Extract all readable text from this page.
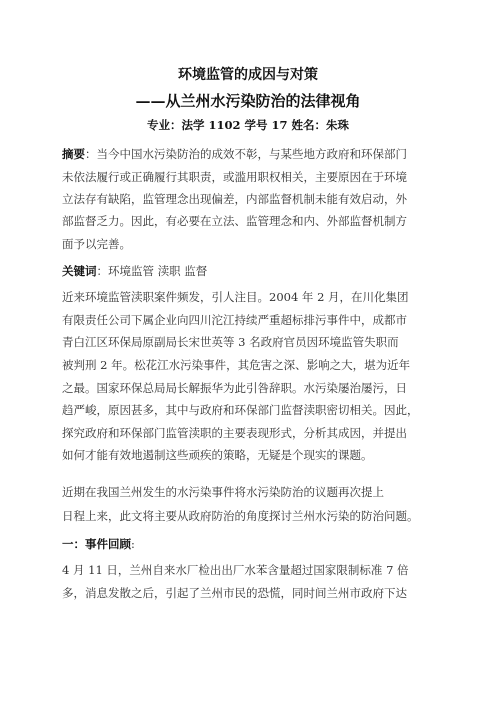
环境监管的成因与对策
——从兰州水污染防治的法律视角
专业：法学 1102 学号 17 姓名：朱珠
摘要：当今中国水污染防治的成效不彰，与某些地方政府和环保部门
未依法履行或正确履行其职责，或滥用职权相关，主要原因在于环境
立法存有缺陷，监管理念出现偏差，内部监督机制未能有效启动，外
部监督乏力。因此，有必要在立法、监管理念和内、外部监督机制方
面予以完善。
关键词：环境监管 渎职 监督
近来环境监管渎职案件频发，引人注目。2004 年 2 月，在川化集团
有限责任公司下属企业向四川沱江持续严重超标排污事件中，成都市
青白江区环保局原副局长宋世英等 3 名政府官员因环境监管失职而
被判刑 2 年。松花江水污染事件，其危害之深、影响之大，堪为近年
之最。国家环保总局局长解振华为此引咎辞职。水污染屡治屡污，日
趋严峻，原因甚多，其中与政府和环保部门监督渎职密切相关。因此，
探究政府和环保部门监管渎职的主要表现形式，分析其成因，并提出
如何才能有效地遏制这些顽疾的策略，无疑是个现实的课题。
近期在我国兰州发生的水污染事件将水污染防治的议题再次提上
日程上来，此文将主要从政府防治的角度探讨兰州水污染的防治问题。
一：事件回顾:
4 月 11 日，兰州自来水厂检出出厂水苯含量超过国家限制标准 7 倍
多，消息发散之后，引起了兰州市民的恐慌，同时间兰州市政府下达
